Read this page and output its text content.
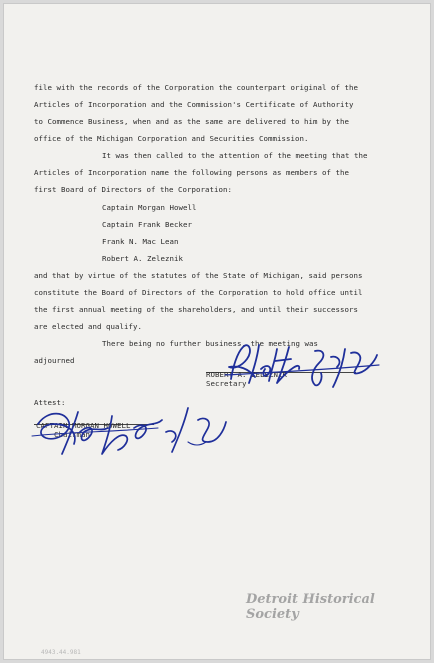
file with the records of the Corporation the counterpart original of the
Articles of Incorporation and the Commission's Certificate of Authority
to Commence Business, when and as the same are delivered to him by the
office of the Michigan Corporation and Securities Commission.
It was then called to the attention of the meeting that the
Articles of Incorporation name the following persons as members of the
first Board of Directors of the Corporation:
Captain Morgan Howell
Captain Frank Becker
Frank N. Mac Lean
Robert A. Zeleznik
and that by virtue of the statutes of the State of Michigan, said persons
constitute the Board of Directors of the Corporation to hold office until
the first annual meeting of the shareholders, and until their successors
are elected and qualify.
There being no further business, the meeting was
adjourned
ROBERT A. ZELEZNIK
Secretary
Attest:
CAPTAIN MORGAN HOWELL
Chairman
Detroit Historical Society
4943.44.981
